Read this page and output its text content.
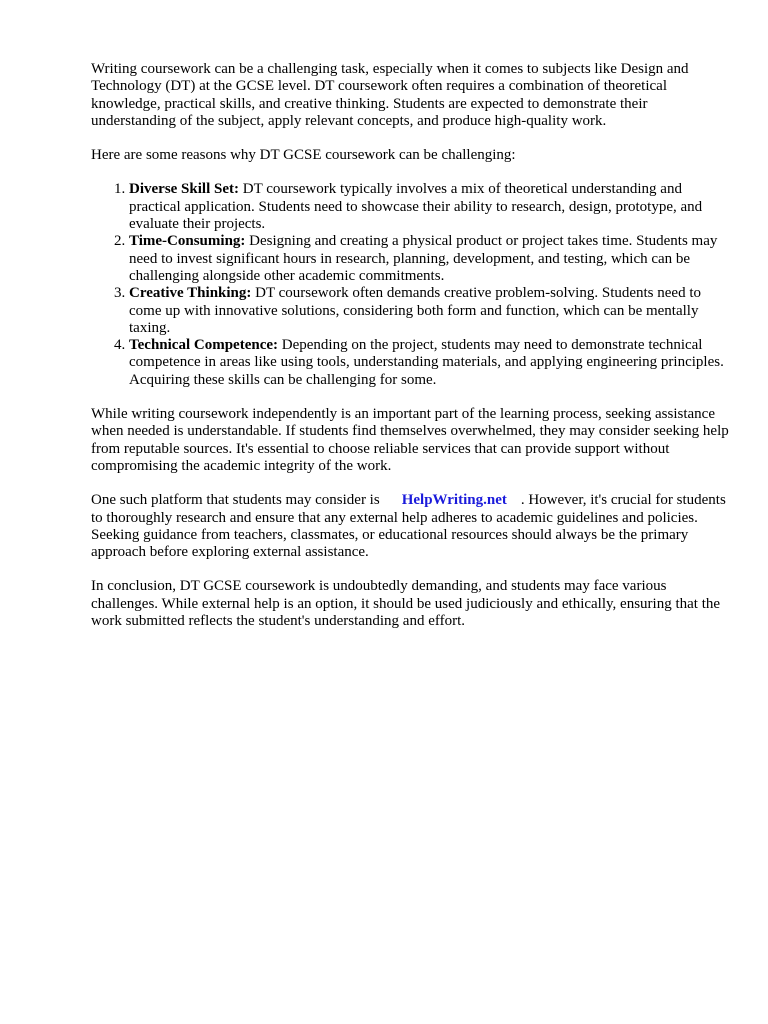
Writing coursework can be a challenging task, especially when it comes to subjects like Design and Technology (DT) at the GCSE level. DT coursework often requires a combination of theoretical knowledge, practical skills, and creative thinking. Students are expected to demonstrate their understanding of the subject, apply relevant concepts, and produce high-quality work.

Here are some reasons why DT GCSE coursework can be challenging:

1. Diverse Skill Set: DT coursework typically involves a mix of theoretical understanding and practical application. Students need to showcase their ability to research, design, prototype, and evaluate their projects.
2. Time-Consuming: Designing and creating a physical product or project takes time. Students may need to invest significant hours in research, planning, development, and testing, which can be challenging alongside other academic commitments.
3. Creative Thinking: DT coursework often demands creative problem-solving. Students need to come up with innovative solutions, considering both form and function, which can be mentally taxing.
4. Technical Competence: Depending on the project, students may need to demonstrate technical competence in areas like using tools, understanding materials, and applying engineering principles. Acquiring these skills can be challenging for some.

While writing coursework independently is an important part of the learning process, seeking assistance when needed is understandable. If students find themselves overwhelmed, they may consider seeking help from reputable sources. It's essential to choose reliable services that can provide support without compromising the academic integrity of the work.

One such platform that students may consider is HelpWriting.net . However, it's crucial for students to thoroughly research and ensure that any external help adheres to academic guidelines and policies. Seeking guidance from teachers, classmates, or educational resources should always be the primary approach before exploring external assistance.

In conclusion, DT GCSE coursework is undoubtedly demanding, and students may face various challenges. While external help is an option, it should be used judiciously and ethically, ensuring that the work submitted reflects the student's understanding and effort.
